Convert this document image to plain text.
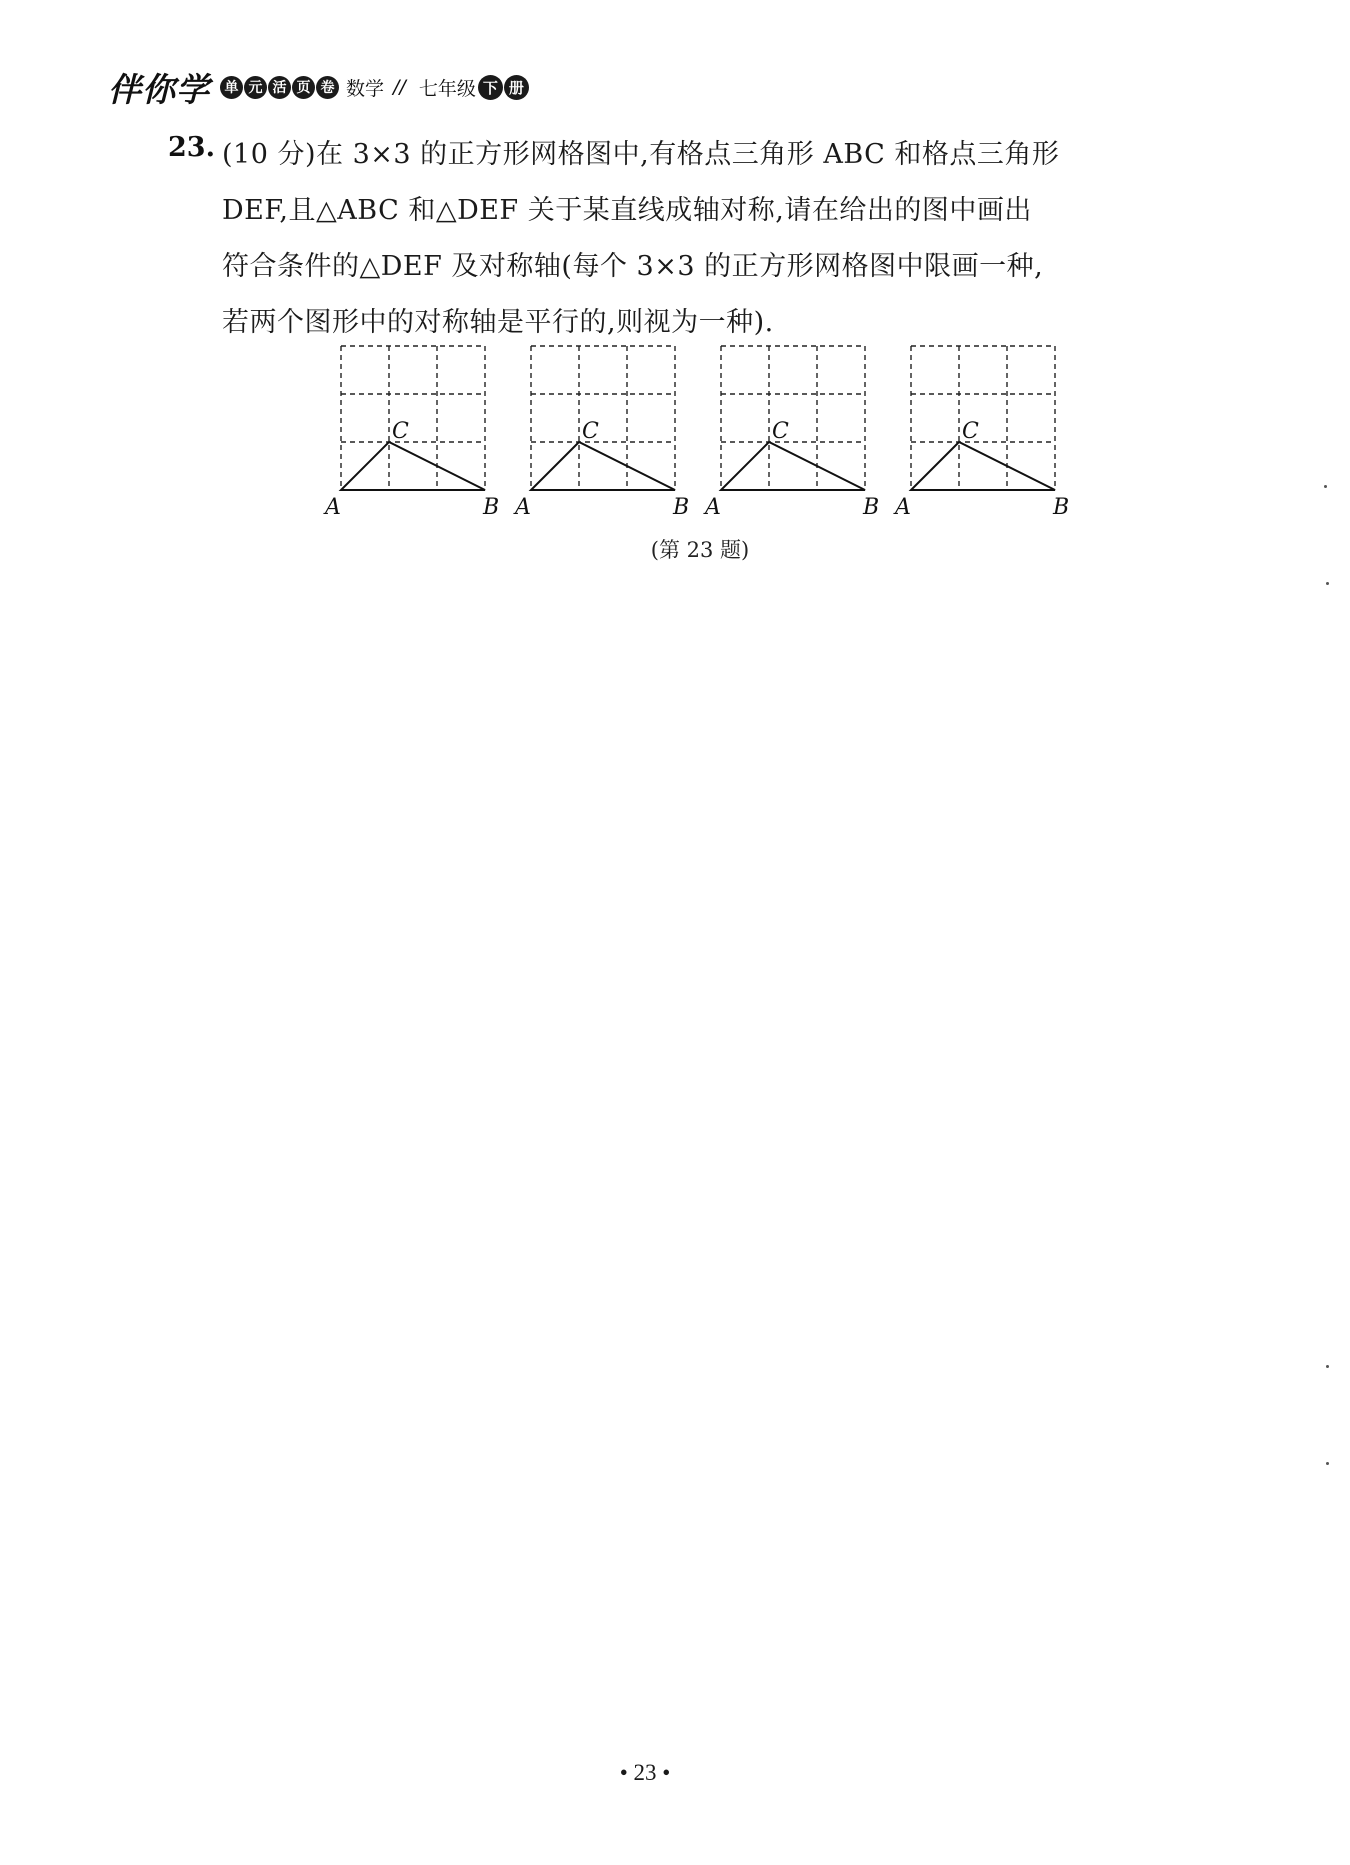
伴你学	单 元 活 页 卷 数学 // 七年级 下 册
23. (10 分)在 3×3 的正方形网格图中,有格点三角形 ABC 和格点三角形
DEF,且△ABC 和△DEF 关于某直线成轴对称,请在给出的图中画出
符合条件的△DEF 及对称轴(每个 3×3 的正方形网格图中限画一种,
若两个图形中的对称轴是平行的,则视为一种).
A	B
C
A	B
C
A	B
C
A	B
C
(第 23 题)
• 23 •
